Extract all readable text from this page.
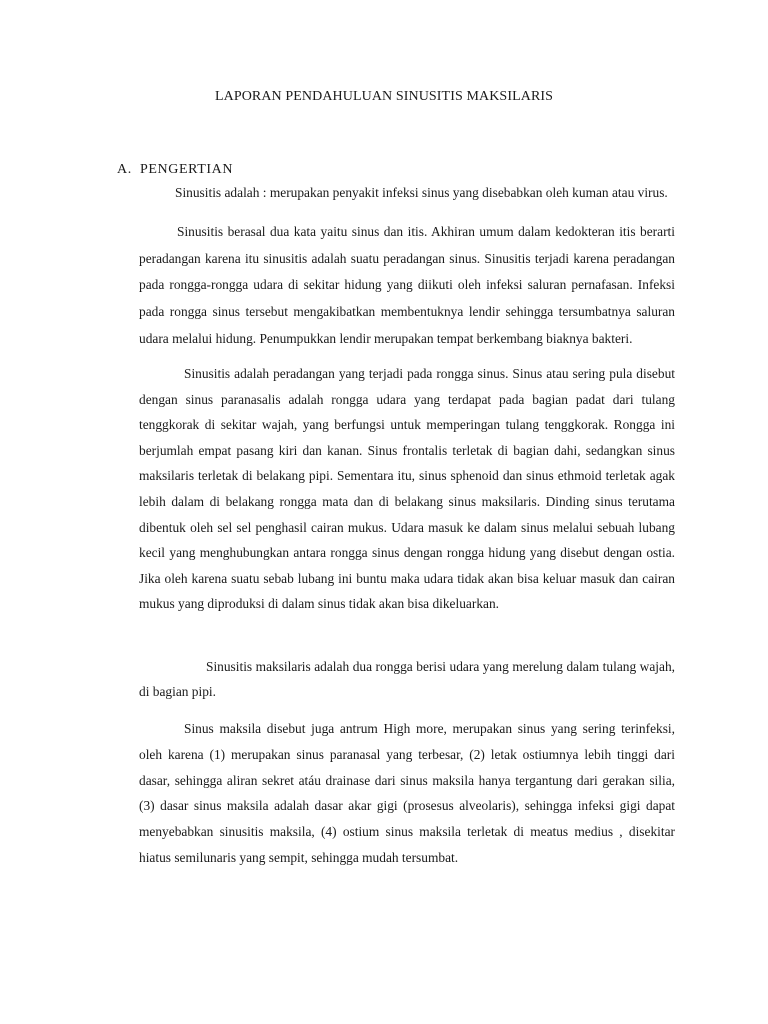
LAPORAN PENDAHULUAN SINUSITIS MAKSILARIS
A. PENGERTIAN

Sinusitis adalah : merupakan penyakit infeksi sinus yang disebabkan oleh kuman atau virus.

Sinusitis berasal dua kata yaitu sinus dan itis. Akhiran umum dalam kedokteran itis berarti peradangan karena itu sinusitis adalah suatu peradangan sinus. Sinusitis terjadi karena peradangan pada rongga-rongga udara di sekitar hidung yang diikuti oleh infeksi saluran pernafasan. Infeksi pada rongga sinus tersebut mengakibatkan membentuknya lendir sehingga tersumbatnya saluran udara melalui hidung. Penumpukkan lendir merupakan tempat berkembang biaknya bakteri.

Sinusitis adalah peradangan yang terjadi pada rongga sinus. Sinus atau sering pula disebut dengan sinus paranasalis adalah rongga udara yang terdapat pada bagian padat dari tulang tenggkorak di sekitar wajah, yang berfungsi untuk memperingan tulang tenggkorak. Rongga ini berjumlah empat pasang kiri dan kanan. Sinus frontalis terletak di bagian dahi, sedangkan sinus maksilaris terletak di belakang pipi. Sementara itu, sinus sphenoid dan sinus ethmoid terletak agak lebih dalam di belakang rongga mata dan di belakang sinus maksilaris. Dinding sinus terutama dibentuk oleh sel sel penghasil cairan mukus. Udara masuk ke dalam sinus melalui sebuah lubang kecil yang menghubungkan antara rongga sinus dengan rongga hidung yang disebut dengan ostia. Jika oleh karena suatu sebab lubang ini buntu maka udara tidak akan bisa keluar masuk dan cairan mukus yang diproduksi di dalam sinus tidak akan bisa dikeluarkan.

Sinusitis maksilaris adalah dua rongga berisi udara yang merelung dalam tulang wajah, di bagian pipi.

Sinus maksila disebut juga antrum High more, merupakan sinus yang sering terinfeksi, oleh karena (1) merupakan sinus paranasal yang terbesar, (2) letak ostiumnya lebih tinggi dari dasar, sehingga aliran sekret atáu drainase dari sinus maksila hanya tergantung dari gerakan silia, (3) dasar sinus maksila adalah dasar akar gigi (prosesus alveolaris), sehingga infeksi gigi dapat menyebabkan sinusitis maksila, (4) ostium sinus maksila terletak di meatus medius , disekitar hiatus semilunaris yang sempit, sehingga mudah tersumbat.
